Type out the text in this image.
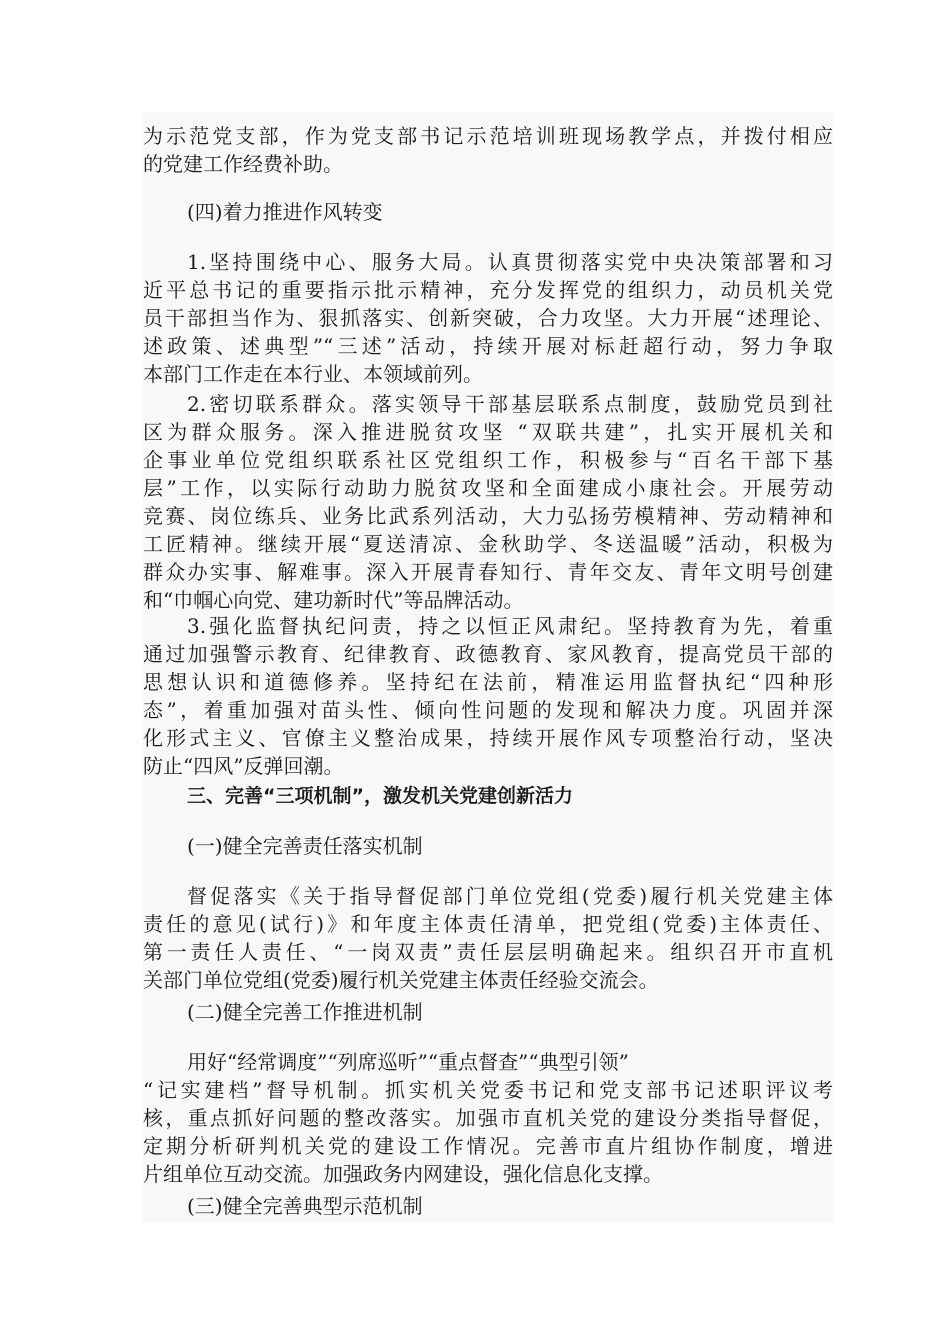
为示范党支部，作为党支部书记示范培训班现场教学点，并拨付相应
的党建工作经费补助。
(四)着力推进作风转变
1.坚持围绕中心、服务大局。认真贯彻落实党中央决策部署和习
近平总书记的重要指示批示精神，充分发挥党的组织力，动员机关党
员干部担当作为、狠抓落实、创新突破，合力攻坚。大力开展“述理论、
述政策、述典型”“三述”活动，持续开展对标赶超行动，努力争取
本部门工作走在本行业、本领域前列。
2.密切联系群众。落实领导干部基层联系点制度，鼓励党员到社
区为群众服务。深入推进脱贫攻坚 “双联共建”，扎实开展机关和
企事业单位党组织联系社区党组织工作，积极参与“百名干部下基
层”工作，以实际行动助力脱贫攻坚和全面建成小康社会。开展劳动
竞赛、岗位练兵、业务比武系列活动，大力弘扬劳模精神、劳动精神和
工匠精神。继续开展“夏送清凉、金秋助学、冬送温暖”活动，积极为
群众办实事、解难事。深入开展青春知行、青年交友、青年文明号创建
和“巾帼心向党、建功新时代”等品牌活动。
3.强化监督执纪问责，持之以恒正风肃纪。坚持教育为先，着重
通过加强警示教育、纪律教育、政德教育、家风教育，提高党员干部的
思想认识和道德修养。坚持纪在法前，精准运用监督执纪“四种形
态”，着重加强对苗头性、倾向性问题的发现和解决力度。巩固并深
化形式主义、官僚主义整治成果，持续开展作风专项整治行动，坚决
防止“四风”反弹回潮。
三、完善“三项机制”，激发机关党建创新活力
(一)健全完善责任落实机制
督促落实《关于指导督促部门单位党组(党委)履行机关党建主体
责任的意见(试行)》和年度主体责任清单，把党组(党委)主体责任、
第一责任人责任、“一岗双责”责任层层明确起来。组织召开市直机
关部门单位党组(党委)履行机关党建主体责任经验交流会。
(二)健全完善工作推进机制
用好“经常调度”“列席巡听”“重点督查”“典型引领”
“记实建档”督导机制。抓实机关党委书记和党支部书记述职评议考
核，重点抓好问题的整改落实。加强市直机关党的建设分类指导督促，
定期分析研判机关党的建设工作情况。完善市直片组协作制度，增进
片组单位互动交流。加强政务内网建设，强化信息化支撑。
(三)健全完善典型示范机制
